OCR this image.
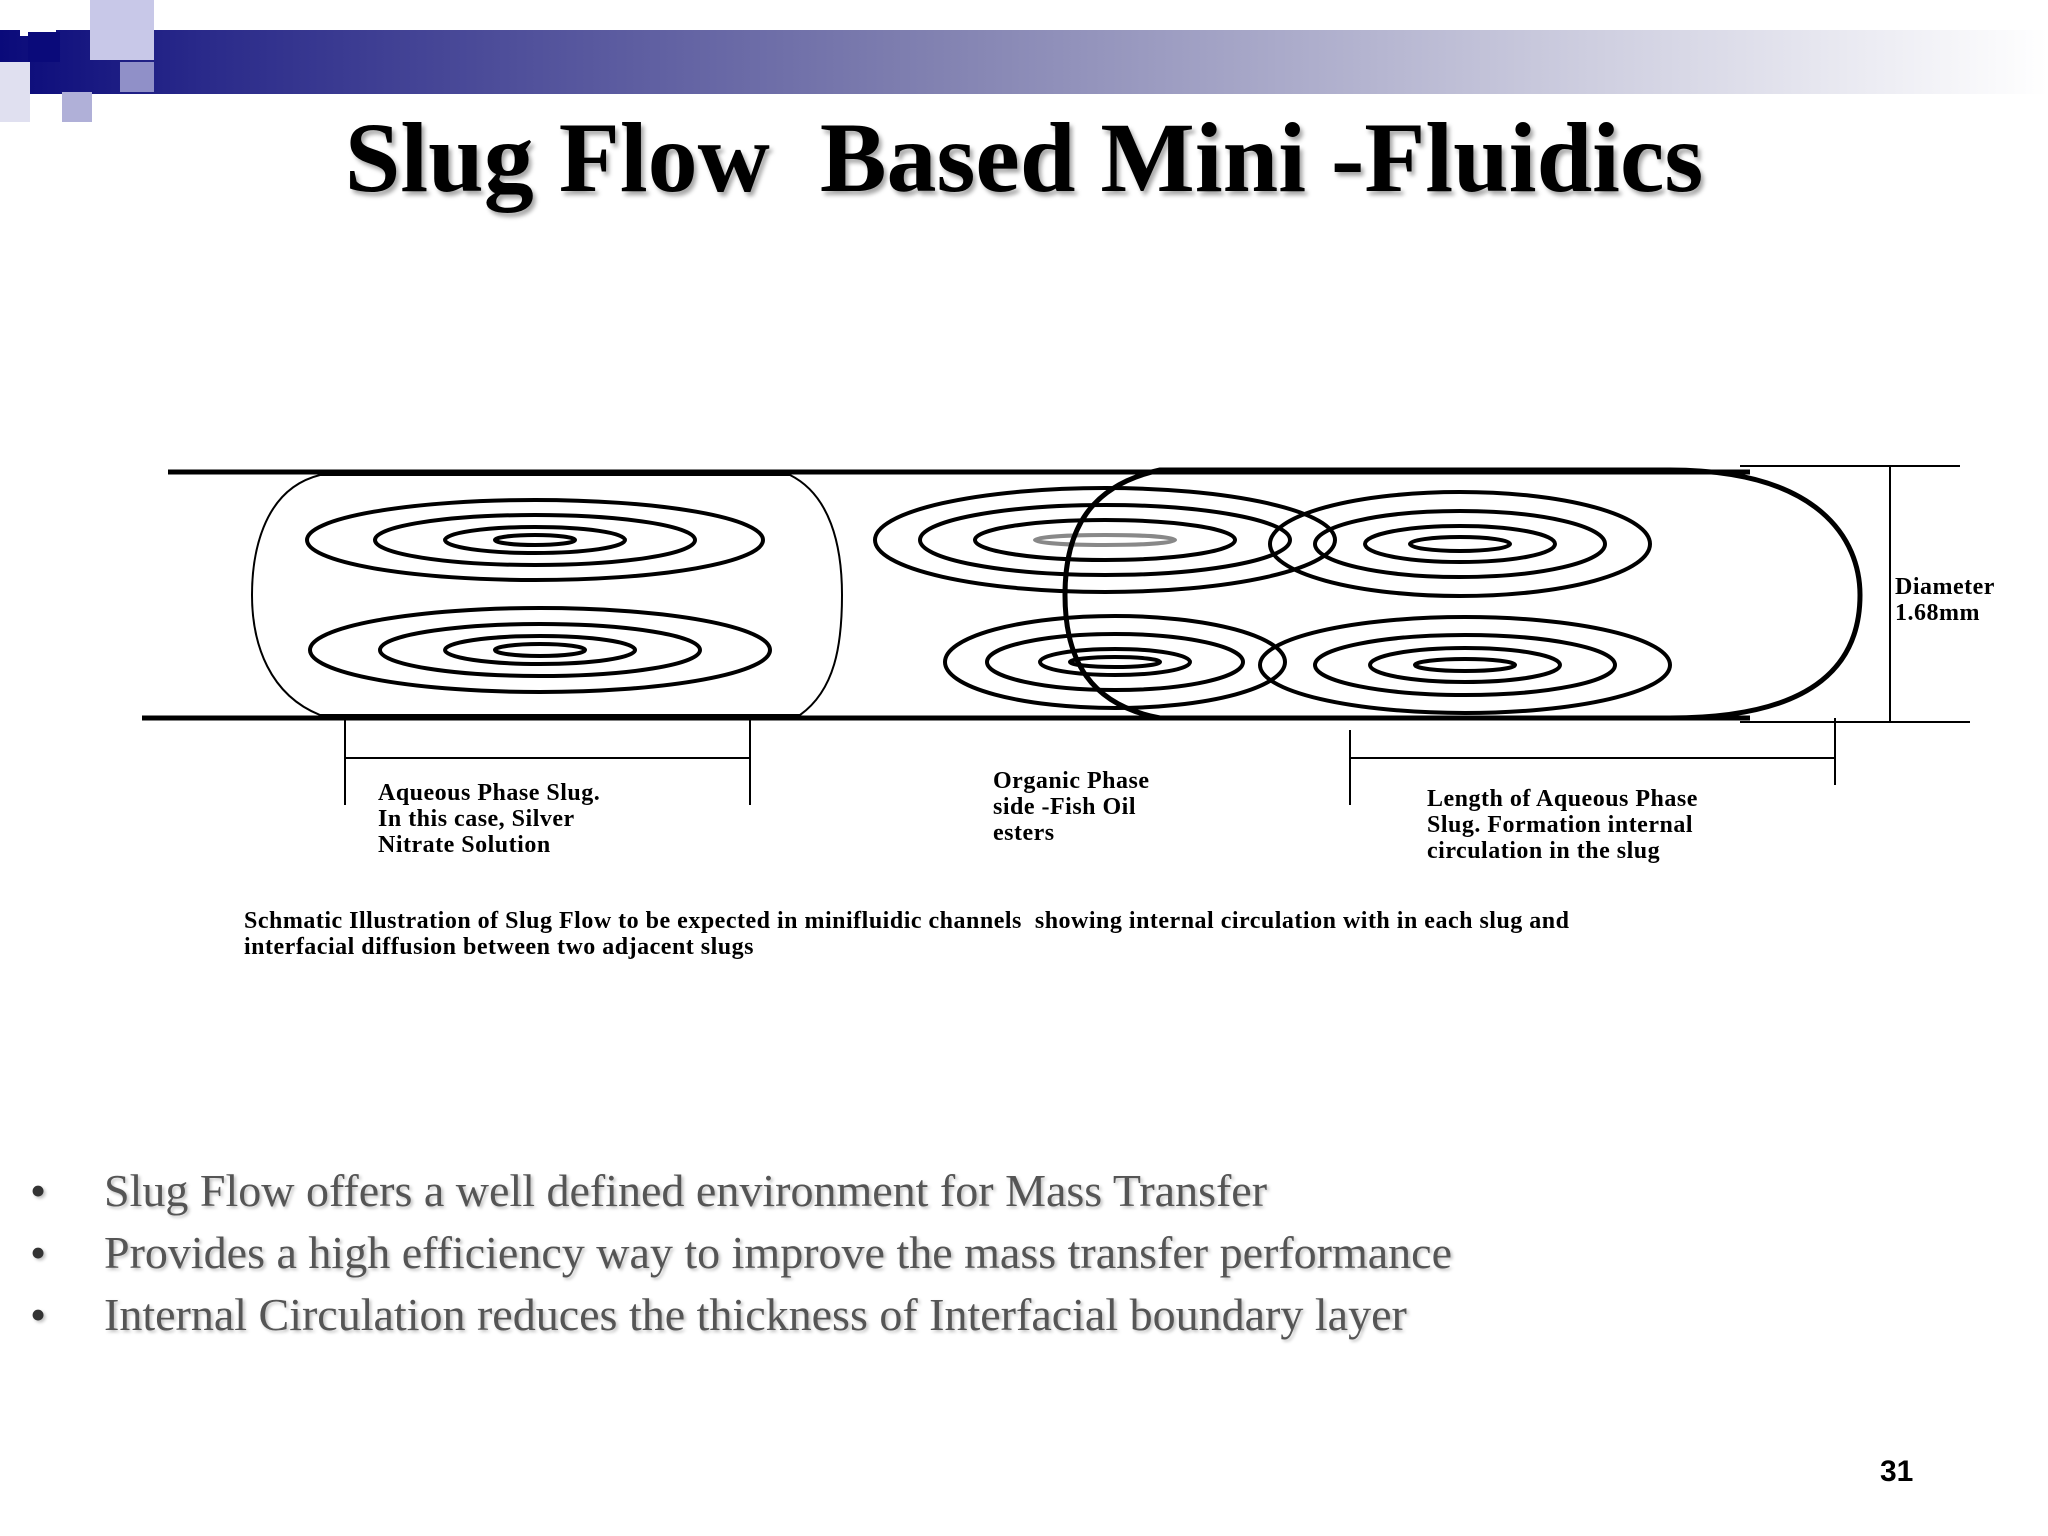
Slug Flow  Based Mini -Fluidics
Diameter
1.68mm
Aqueous Phase Slug.
In this case, Silver
Nitrate Solution
Organic Phase
side -Fish Oil
esters
Length of Aqueous Phase
Slug. Formation internal
circulation in the slug
Schmatic Illustration of Slug Flow to be expected in minifluidic channels  showing internal circulation with in each slug and
interfacial diffusion between two adjacent slugs
•	Slug Flow offers a well defined environment for Mass Transfer
•	Provides a high efficiency way to improve the mass transfer performance
•	Internal Circulation reduces the thickness of Interfacial boundary layer
31
